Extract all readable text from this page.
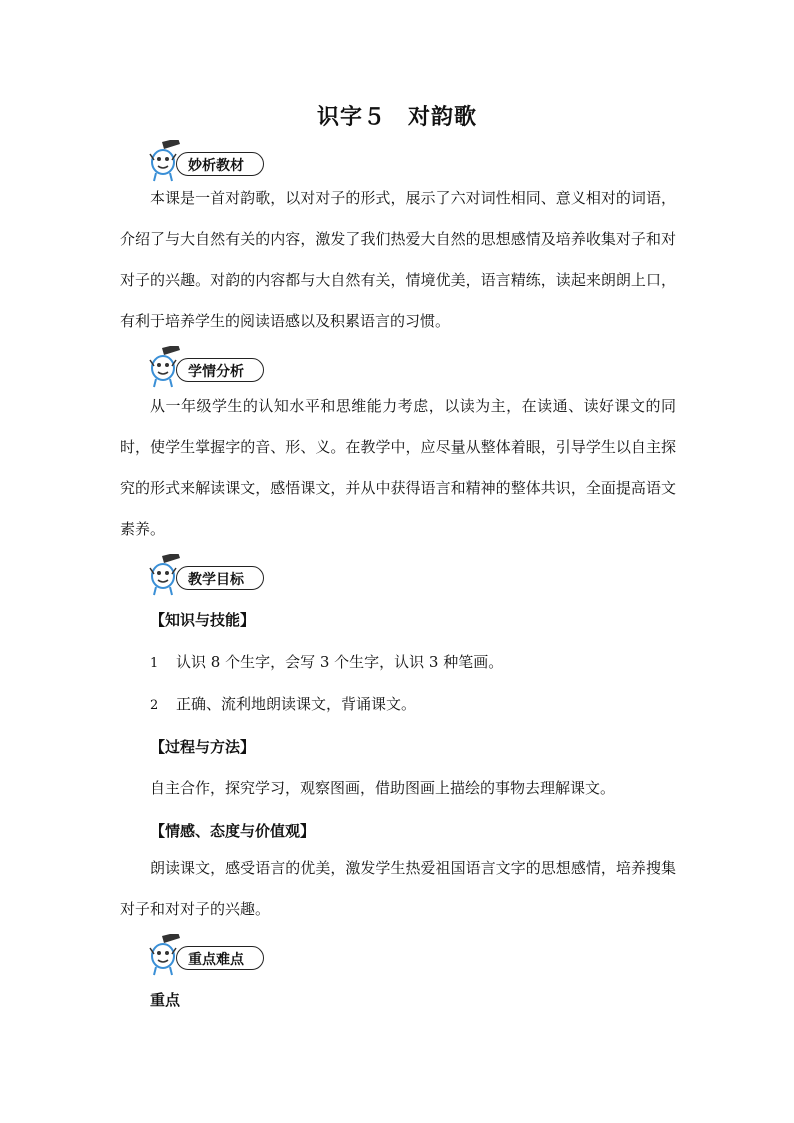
识字５ 对韵歌
妙析教材

本课是一首对韵歌，以对对子的形式，展示了六对词性相同、意义相对的词语，介绍了与大自然有关的内容，激发了我们热爱大自然的思想感情及培养收集对子和对对子的兴趣。对韵的内容都与大自然有关，情境优美，语言精练，读起来朗朗上口，有利于培养学生的阅读语感以及积累语言的习惯。

学情分析

从一年级学生的认知水平和思维能力考虑，以读为主，在读通、读好课文的同时，使学生掌握字的音、形、义。在教学中，应尽量从整体着眼，引导学生以自主探究的形式来解读课文，感悟课文，并从中获得语言和精神的整体共识，全面提高语文素养。

教学目标
【知识与技能】
1 认识 8 个生字，会写 3 个生字，认识 3 种笔画。
2 正确、流利地朗读课文，背诵课文。
【过程与方法】
自主合作，探究学习，观察图画，借助图画上描绘的事物去理解课文。
【情感、态度与价值观】

朗读课文，感受语言的优美，激发学生热爱祖国语言文字的思想感情，培养搜集对子和对对子的兴趣。

重点难点
重点
